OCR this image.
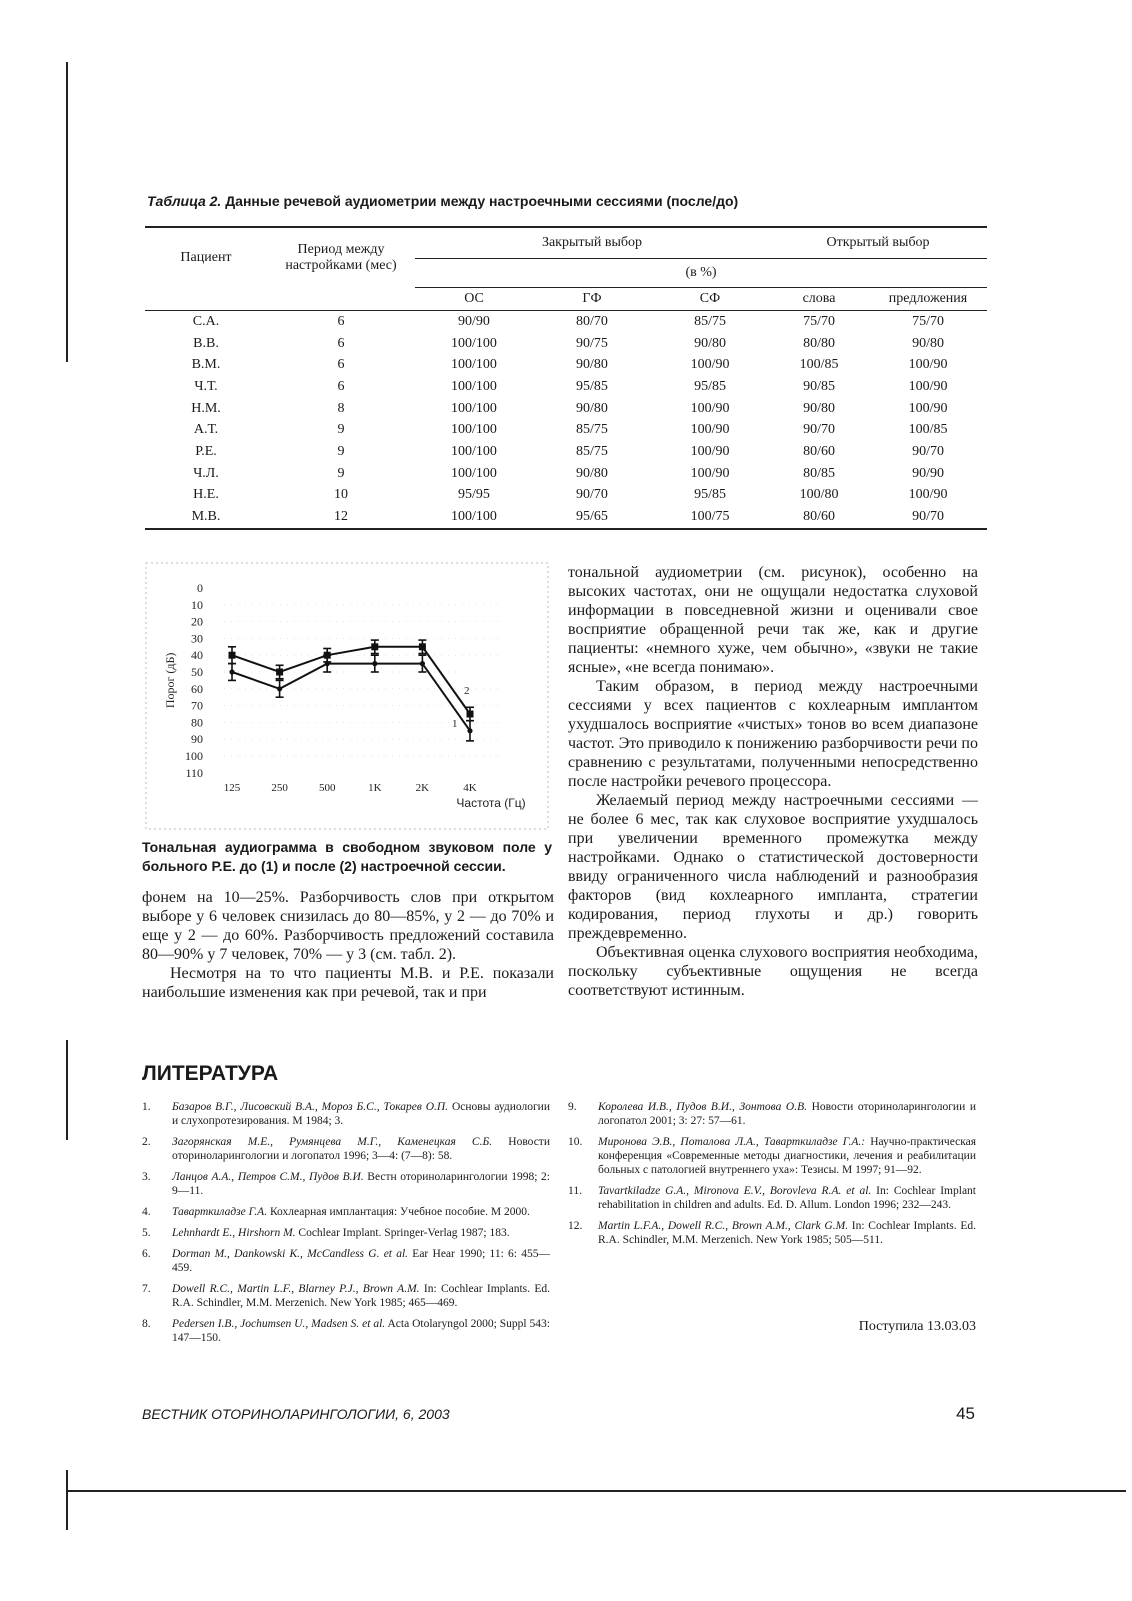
Таблица 2. Данные речевой аудиометрии между настроечными сессиями (после/до)
Пациент	Период между настройками (мес)	Закрытый выбор			Открытый выбор	
		(в %)				
		ОС	ГФ	СФ	слова	предложения
С.А.	6	90/90	80/70	85/75	75/70	75/70
В.В.	6	100/100	90/75	90/80	80/80	90/80
В.М.	6	100/100	90/80	100/90	100/85	100/90
Ч.Т.	6	100/100	95/85	95/85	90/85	100/90
Н.М.	8	100/100	90/80	100/90	90/80	100/90
А.Т.	9	100/100	85/75	100/90	90/70	100/85
Р.Е.	9	100/100	85/75	100/90	80/60	90/70
Ч.Л.	9	100/100	90/80	100/90	80/85	90/90
Н.Е.	10	95/95	90/70	95/85	100/80	100/90
М.В.	12	100/100	95/65	100/75	80/60	90/70
0
10
20
30
40
50
60
70
80
90
100
110
125	250	500	1K	2K	4K
Частота (Гц)
Порог (дБ)
1
2
Тональная аудиограмма в свободном звуковом поле у больного Р.Е. до (1) и после (2) настроечной сессии.

фонем на 10—25%. Разборчивость слов при открытом выборе у 6 человек снизилась до 80—85%, у 2 — до 70% и еще у 2 — до 60%. Разборчивость предложений составила 80—90% у 7 человек, 70% — у 3 (см. табл. 2).

Несмотря на то что пациенты М.В. и Р.Е. показали наибольшие изменения как при речевой, так и при

тональной аудиометрии (см. рисунок), особенно на высоких частотах, они не ощущали недостатка слуховой информации в повседневной жизни и оценивали свое восприятие обращенной речи так же, как и другие пациенты: «немного хуже, чем обычно», «звуки не такие ясные», «не всегда понимаю».

Таким образом, в период между настроечными сессиями у всех пациентов с кохлеарным имплантом ухудшалось восприятие «чистых» тонов во всем диапазоне частот. Это приводило к понижению разборчивости речи по сравнению с результатами, полученными непосредственно после настройки речевого процессора.

Желаемый период между настроечными сессиями — не более 6 мес, так как слуховое восприятие ухудшалось при увеличении временного промежутка между настройками. Однако о статистической достоверности ввиду ограниченного числа наблюдений и разнообразия факторов (вид кохлеарного импланта, стратегии кодирования, период глухоты и др.) говорить преждевременно.

Объективная оценка слухового восприятия необходима, поскольку субъективные ощущения не всегда соответствуют истинным.

ЛИТЕРАТУРА
1. Базаров В.Г., Лисовский В.А., Мороз Б.С., Токарев О.П. Основы аудиологии и слухопротезирования. М 1984; 3.
2. Загорянская М.Е., Румянцева М.Г., Каменецкая С.Б. Новости оториноларингологии и логопатол 1996; 3—4: (7—8): 58.
3. Ланцов А.А., Петров С.М., Пудов В.И. Вестн оториноларингологии 1998; 2: 9—11.
4. Таварткиладзе Г.А. Кохлеарная имплантация: Учебное пособие. М 2000.
5. Lehnhardt E., Hirshorn M. Cochlear Implant. Springer-Verlag 1987; 183.
6. Dorman M., Dankowski K., McCandless G. et al. Ear Hear 1990; 11: 6: 455—459.
7. Dowell R.C., Martin L.F., Blarney P.J., Brown A.M. In: Cochlear Implants. Ed. R.A. Schindler, M.M. Merzenich. New York 1985; 465—469.
8. Pedersen I.B., Jochumsen U., Madsen S. et al. Acta Otolaryngol 2000; Suppl 543: 147—150.
9. Королева И.В., Пудов В.И., Зонтова О.В. Новости оториноларингологии и логопатол 2001; 3: 27: 57—61.
10. Миронова Э.В., Поталова Л.А., Таварткиладзе Г.А.: Научно-практическая конференция «Современные методы диагностики, лечения и реабилитации больных с патологией внутреннего уха»: Тезисы. М 1997; 91—92.
11. Tavartkiladze G.A., Mironova E.V., Borovleva R.A. et al. In: Cochlear Implant rehabilitation in children and adults. Ed. D. Allum. London 1996; 232—243.
12. Martin L.F.A., Dowell R.C., Brown A.M., Clark G.M. In: Cochlear Implants. Ed. R.A. Schindler, M.M. Merzenich. New York 1985; 505—511.
Поступила 13.03.03
ВЕСТНИК ОТОРИНОЛАРИНГОЛОГИИ, 6, 2003	45
